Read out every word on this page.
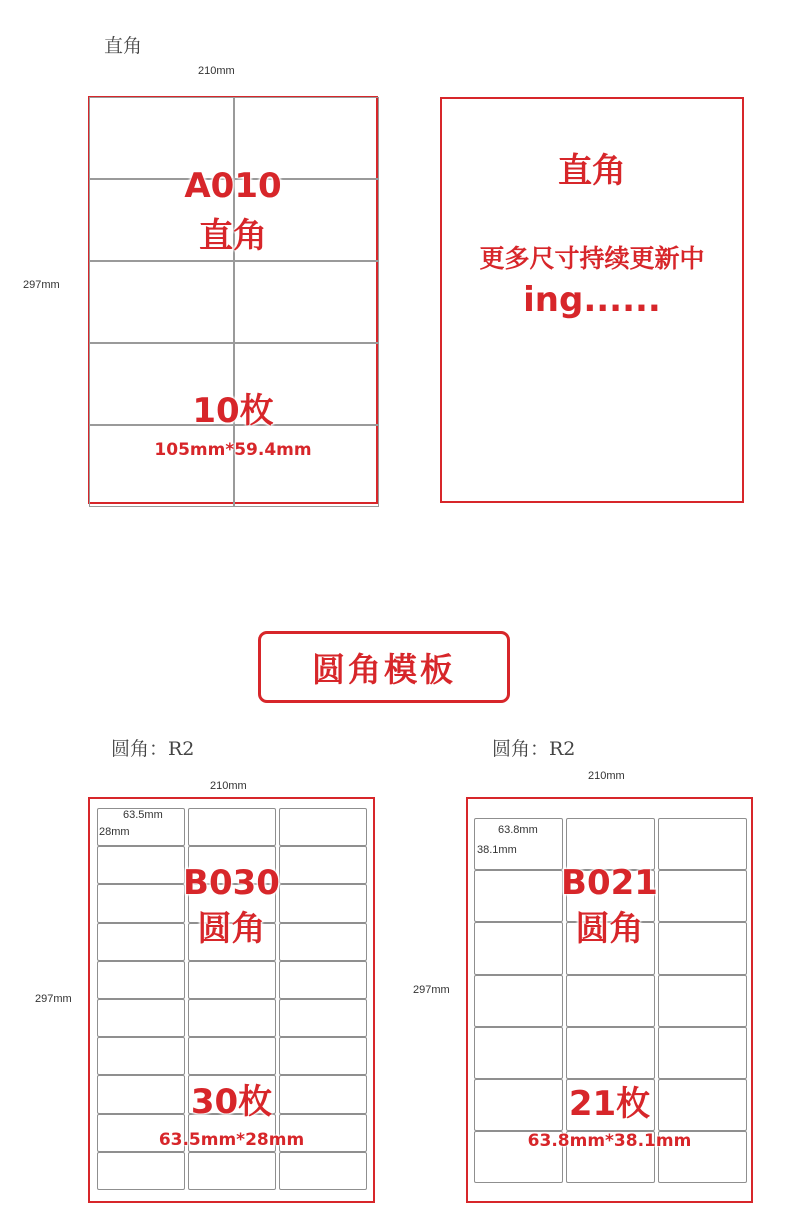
直角
210mm
297mm
A010
直角
10枚
105mm*59.4mm
直角
更多尺寸持续更新中
ing......
圆角模板
圆角：R2
210mm
297mm
63.5mm
28mm
B030
圆角
30枚
63.5mm*28mm
圆角：R2
210mm
297mm
63.8mm
38.1mm
B021
圆角
21枚
63.8mm*38.1mm
